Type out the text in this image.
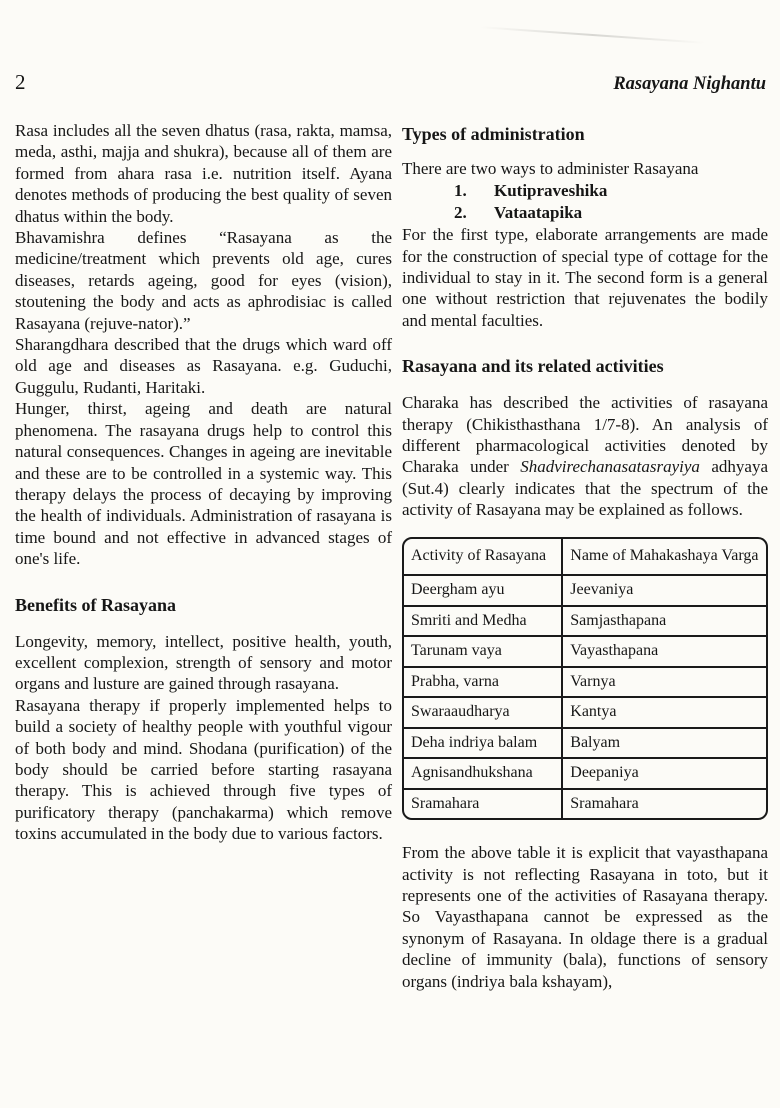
2	Rasayana Nighantu

Rasa includes all the seven dhatus (rasa, rakta, mamsa, meda, asthi, majja and shukra), because all of them are formed from ahara rasa i.e. nutrition itself. Ayana denotes methods of producing the best quality of seven dhatus within the body.

Bhavamishra defines “Rasayana as the medicine/treatment which prevents old age, cures diseases, retards ageing, good for eyes (vision), stoutening the body and acts as aphrodisiac is called Rasayana (rejuve-nator).”

Sharangdhara described that the drugs which ward off old age and diseases as Rasayana. e.g. Guduchi, Guggulu, Rudanti, Haritaki.

Hunger, thirst, ageing and death are natural phenomena. The rasayana drugs help to control this natural consequences. Changes in ageing are inevitable and these are to be controlled in a systemic way. This therapy delays the process of decaying by improving the health of individuals. Administration of rasayana is time bound and not effective in advanced stages of one's life.

Benefits of Rasayana

Longevity, memory, intellect, positive health, youth, excellent complexion, strength of sensory and motor organs and lusture are gained through rasayana.

Rasayana therapy if properly implemented helps to build a society of healthy people with youthful vigour of both body and mind. Shodana (purification) of the body should be carried before starting rasayana therapy. This is achieved through five types of purificatory therapy (panchakarma) which remove toxins accumulated in the body due to various factors.

Types of administration

There are two ways to administer Rasayana

1.	Kutipraveshika
2.	Vataatapika

For the first type, elaborate arrangements are made for the construction of special type of cottage for the individual to stay in it. The second form is a general one without restriction that rejuvenates the bodily and mental faculties.

Rasayana and its related activities

Charaka has described the activities of rasayana therapy (Chikisthasthana 1/7-8). An analysis of different pharmacological activities denoted by Charaka under Shadvirechanasatasrayiya adhyaya (Sut.4) clearly indicates that the spectrum of the activity of Rasayana may be explained as follows.

Activity of Rasayana	Name of Mahakashaya Varga
Deergham ayu	Jeevaniya
Smriti and Medha	Samjasthapana
Tarunam vaya	Vayasthapana
Prabha, varna	Varnya
Swaraaudharya	Kantya
Deha indriya balam	Balyam
Agnisandhukshana	Deepaniya
Sramahara	Sramahara

From the above table it is explicit that vayasthapana activity is not reflecting Rasayana in toto, but it represents one of the activities of Rasayana therapy. So Vayasthapana cannot be expressed as the synonym of Rasayana. In oldage there is a gradual decline of immunity (bala), functions of sensory organs (indriya bala kshayam),
